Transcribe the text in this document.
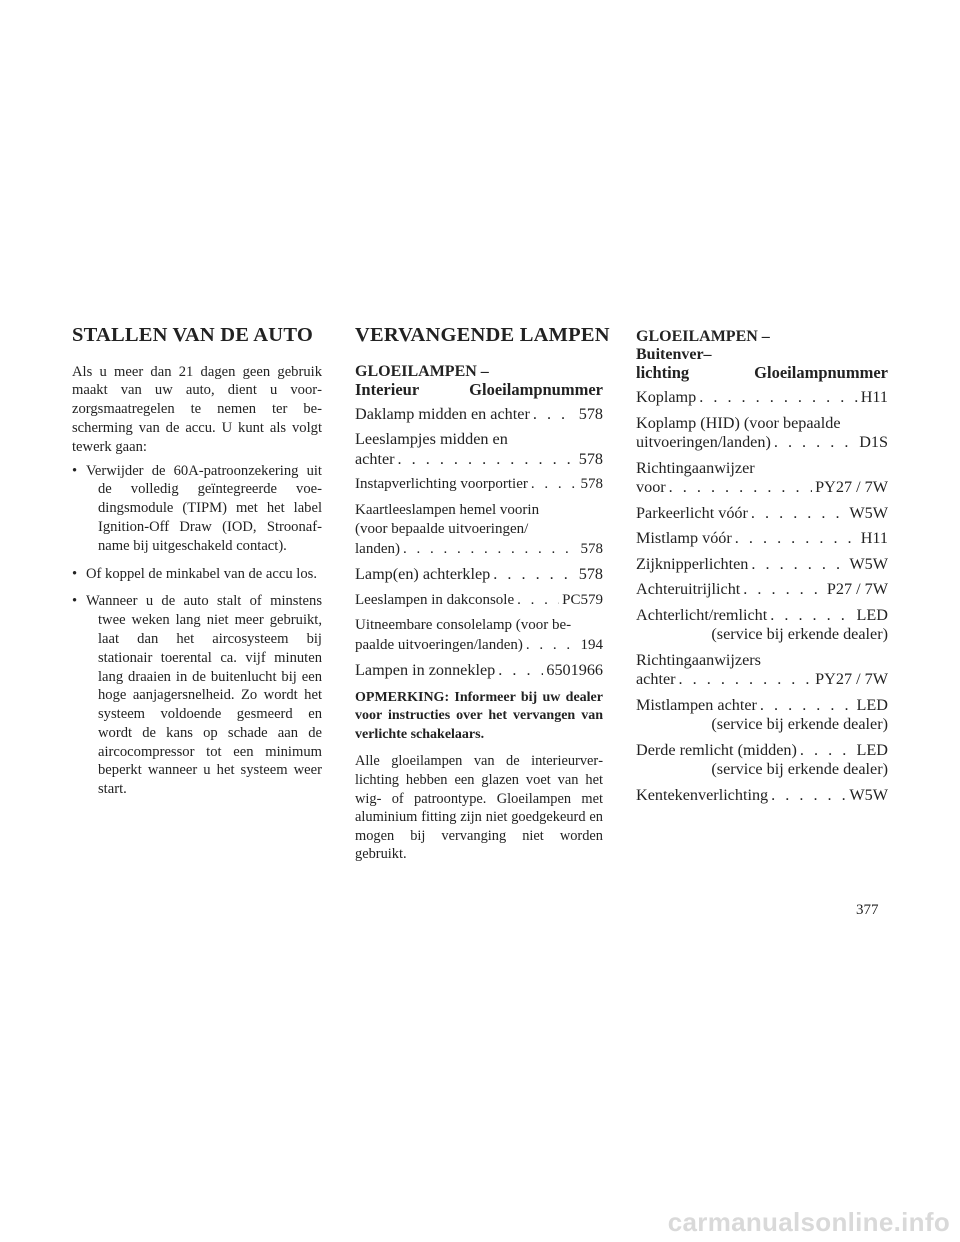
STALLEN VAN DE AUTO

Als u meer dan 21 dagen geen gebruik maakt van uw auto, dient u voorzorgsmaatregelen te nemen ter bescherming van de accu. U kunt als volgt tewerk gaan:

• Verwijder de 60A-patroonzekering uit de volledig geïntegreerde voedingsmodule (TIPM) met het label Ignition-Off Draw (IOD, Stroonafname bij uitgeschakeld contact).
• Of koppel de minkabel van de accu los.
• Wanneer u de auto stalt of minstens twee weken lang niet meer gebruikt, laat dan het aircosysteem bij stationair toerental ca. vijf minuten lang draaien in de buitenlucht bij een hoge aanjagersnelheid. Zo wordt het systeem voldoende gesmeerd en wordt de kans op schade aan de aircocompressor tot een minimum beperkt wanneer u het systeem weer start.
VERVANGENDE LAMPEN
GLOEILAMPEN –
Interieur	Gloeilampnummer
Daklamp midden en achter . . .	578
Leeslampjes midden en
achter . . .	578
Instapverlichting voorportier . . .	578
Kaartleeslampen hemel voorin
(voor bepaalde uitvoeringen/
landen) . . .	578
Lamp(en) achterklep . . .	578
Leeslampen in dakconsole . . .	PC579
Uitneembare consolelamp (voor be-
paalde uitvoeringen/landen) . . .	194
Lampen in zonneklep . . .	6501966

OPMERKING: Informeer bij uw dealer voor instructies over het vervangen van verlichte schakelaars.

Alle gloeilampen van de interieurverlichting hebben een glazen voet van het wig- of patroontype. Gloeilampen met aluminium fitting zijn niet goedgekeurd en mogen bij vervanging niet worden gebruikt.

GLOEILAMPEN –
Buitenver–
lichting	Gloeilampnummer
Koplamp . . .	H11
Koplamp (HID) (voor bepaalde
uitvoeringen/landen) . . .	D1S
Richtingaanwijzer
voor . . .	PY27 / 7W
Parkeerlicht vóór . . .	W5W
Mistlamp vóór . . .	H11
Zijknipperlichten . . .	W5W
Achteruitrijlicht . . .	P27 / 7W
Achterlicht/remlicht . . .	LED
(service bij erkende dealer)
Richtingaanwijzers
achter . . .	PY27 / 7W
Mistlampen achter . . .	LED
(service bij erkende dealer)
Derde remlicht (midden) . . .	LED
(service bij erkende dealer)
Kentekenverlichting . . .	W5W
377
carmanualsonline.info
